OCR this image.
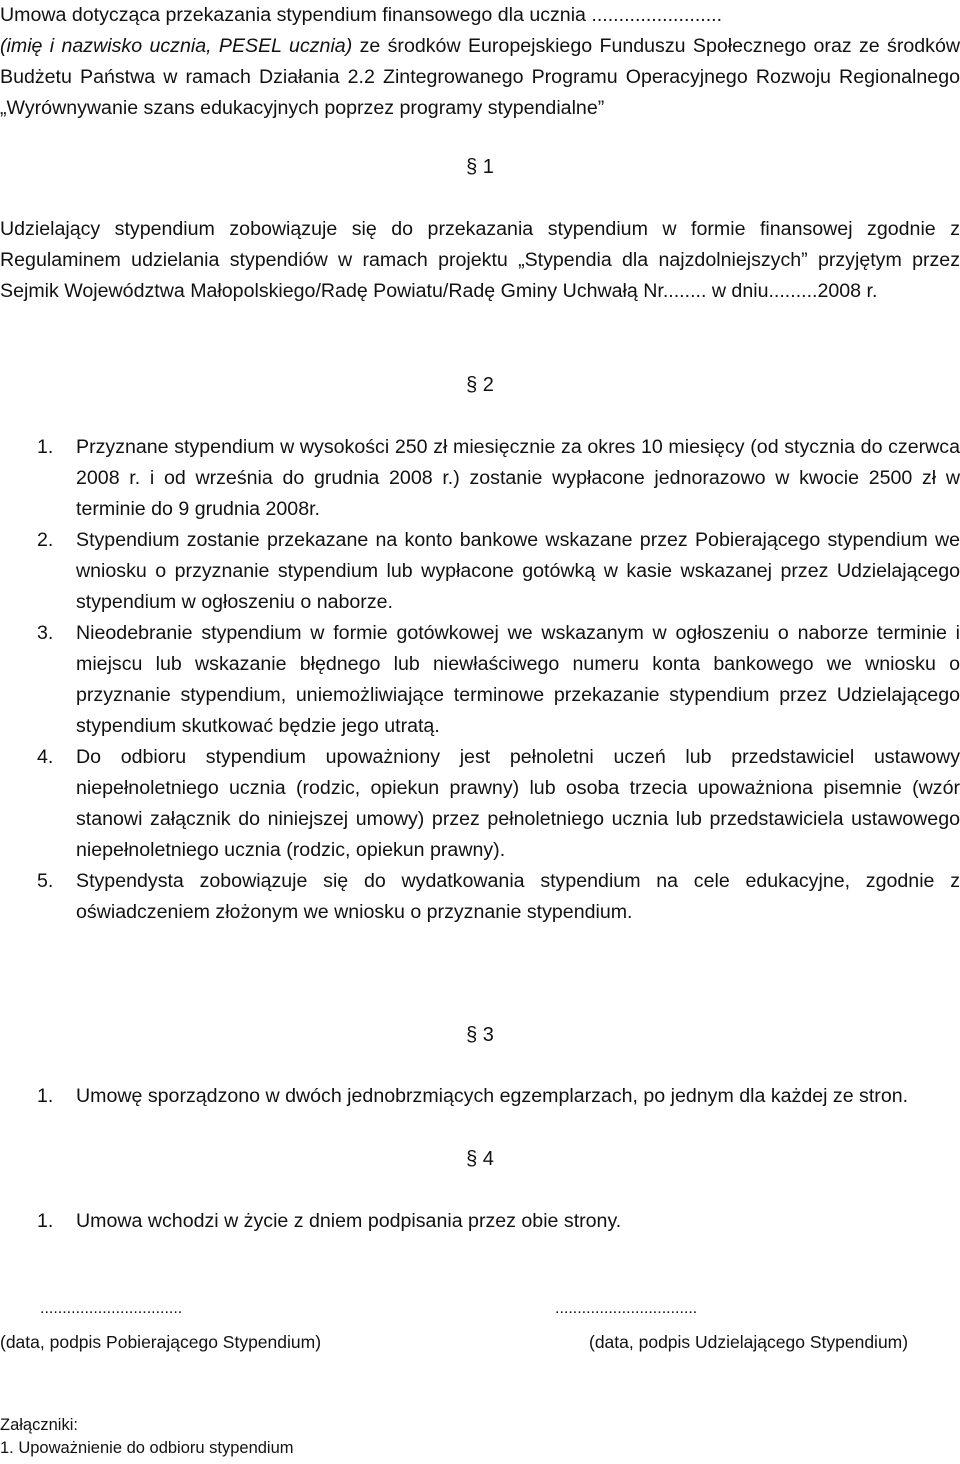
Umowa dotycząca przekazania stypendium finansowego dla ucznia ........................
(imię i nazwisko ucznia, PESEL ucznia) ze środków Europejskiego Funduszu Społecznego oraz ze środków Budżetu Państwa w ramach Działania 2.2 Zintegrowanego Programu Operacyjnego Rozwoju Regionalnego „Wyrównywanie szans edukacyjnych poprzez programy stypendialne”

§ 1

Udzielający stypendium zobowiązuje się do przekazania stypendium w formie finansowej zgodnie z Regulaminem udzielania stypendiów w ramach projektu „Stypendia dla najzdolniejszych” przyjętym przez Sejmik Województwa Małopolskiego/Radę Powiatu/Radę Gminy Uchwałą Nr........ w dniu.........2008 r.

§ 2
1. Przyznane stypendium w wysokości 250 zł miesięcznie za okres 10 miesięcy (od stycznia do czerwca 2008 r. i od września do grudnia 2008 r.) zostanie wypłacone jednorazowo w kwocie 2500 zł w terminie do 9 grudnia 2008r.
2. Stypendium zostanie przekazane na konto bankowe wskazane przez Pobierającego stypendium we wniosku o przyznanie stypendium lub wypłacone gotówką w kasie wskazanej przez Udzielającego stypendium w ogłoszeniu o naborze.
3. Nieodebranie stypendium w formie gotówkowej we wskazanym w ogłoszeniu o naborze terminie i miejscu lub wskazanie błędnego lub niewłaściwego numeru konta bankowego we wniosku o przyznanie stypendium, uniemożliwiające terminowe przekazanie stypendium przez Udzielającego stypendium skutkować będzie jego utratą.
4. Do odbioru stypendium upoważniony jest pełnoletni uczeń lub przedstawiciel ustawowy niepełnoletniego ucznia (rodzic, opiekun prawny) lub osoba trzecia upoważniona pisemnie (wzór stanowi załącznik do niniejszej umowy) przez pełnoletniego ucznia lub przedstawiciela ustawowego niepełnoletniego ucznia (rodzic, opiekun prawny).
5. Stypendysta zobowiązuje się do wydatkowania stypendium na cele edukacyjne, zgodnie z oświadczeniem złożonym we wniosku o przyznanie stypendium.
§ 3
1. Umowę sporządzono w dwóch jednobrzmiących egzemplarzach, po jednym dla każdej ze stron.
§ 4
1. Umowa wchodzi w życie z dniem podpisania przez obie strony.
................................
(data, podpis Pobierającego Stypendium)
................................
(data, podpis Udzielającego Stypendium)
Załączniki:
1. Upoważnienie do odbioru stypendium
